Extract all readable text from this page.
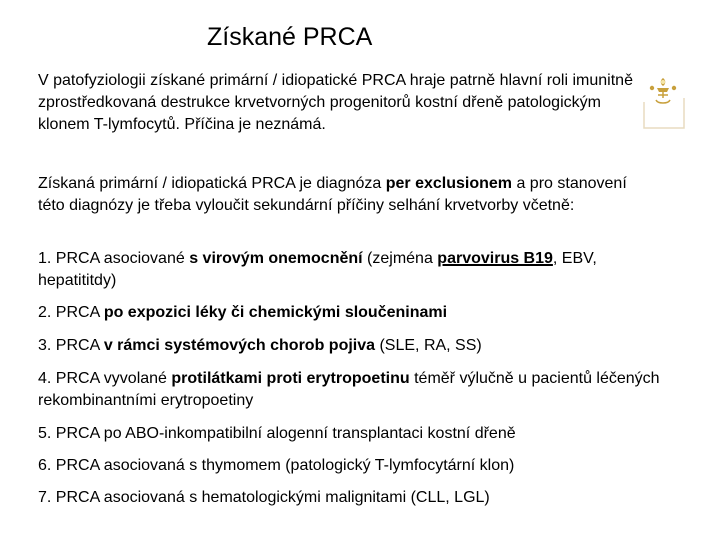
Získané PRCA

V patofyziologii získané primární / idiopatické PRCA hraje patrně hlavní roli imunitně zprostředkovaná destrukce krvetvorných progenitorů kostní dřeně patologickým klonem T-lymfocytů. Příčina je neznámá.

Získaná primární / idiopatická PRCA je diagnóza per exclusionem a pro stanovení této diagnózy je třeba vyloučit sekundární příčiny selhání krvetvorby včetně:

1. PRCA asociované s virovým onemocnění (zejména parvovirus B19, EBV, hepatititdy)

2. PRCA po expozici léky či chemickými sloučeninami

3. PRCA v rámci systémových chorob pojiva (SLE, RA, SS)

4. PRCA vyvolané protilátkami proti erytropoetinu téměř výlučně u pacientů léčených rekombinantními erytropoetiny

5. PRCA po ABO-inkompatibilní alogenní transplantaci kostní dřeně

6. PRCA asociovaná s thymomem (patologický T-lymfocytární klon)

7. PRCA asociovaná s hematologickými malignitami (CLL, LGL)
